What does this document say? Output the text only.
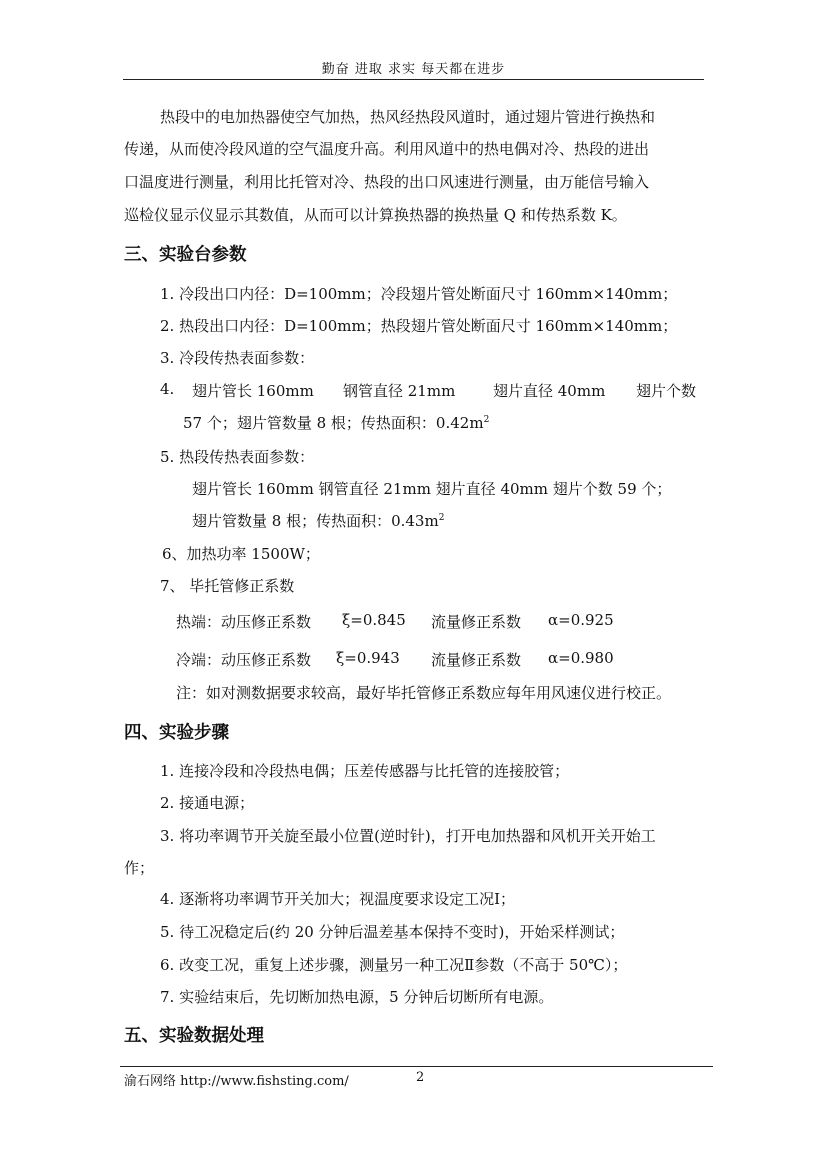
勤奋 进取 求实 每天都在进步
热段中的电加热器使空气加热，热风经热段风道时，通过翅片管进行换热和
传递，从而使冷段风道的空气温度升高。利用风道中的热电偶对冷、热段的进出
口温度进行测量，利用比托管对冷、热段的出口风速进行测量，由万能信号输入
巡检仪显示仪显示其数值，从而可以计算换热器的换热量 Q 和传热系数 K。
三、实验台参数
1. 冷段出口内径：D=100mm；冷段翅片管处断面尺寸 160mm×140mm；
2. 热段出口内径：D=100mm；热段翅片管处断面尺寸 160mm×140mm；
3. 冷段传热表面参数：
4. 翅片管长 160mm 钢管直径 21mm	翅片直径 40mm 翅片个数
57 个；翅片管数量 8 根；传热面积：$0.42m^2$
5. 热段传热表面参数：
翅片管长 160mm 钢管直径 21mm 翅片直径 40mm 翅片个数 59 个；
翅片管数量 8 根；传热面积：$0.43m^2$
6、加热功率 1500W；
7、 毕托管修正系数
热端：动压修正系数 ξ=0.845 流量修正系数 α=0.925
冷端：动压修正系数 ξ=0.943 流量修正系数 α=0.980
注：如对测数据要求较高，最好毕托管修正系数应每年用风速仪进行校正。
四、实验步骤
1. 连接冷段和冷段热电偶；压差传感器与比托管的连接胶管；
2. 接通电源；
3. 将功率调节开关旋至最小位置(逆时针)，打开电加热器和风机开关开始工
作；
4. 逐渐将功率调节开关加大；视温度要求设定工况Ⅰ；
5. 待工况稳定后(约 20 分钟后温差基本保持不变时)，开始采样测试；
6. 改变工况，重复上述步骤，测量另一种工况Ⅱ参数（不高于 50℃）；
7. 实验结束后，先切断加热电源，5 分钟后切断所有电源。
五、实验数据处理
渝石网络 http://www.fishsting.com/	2
